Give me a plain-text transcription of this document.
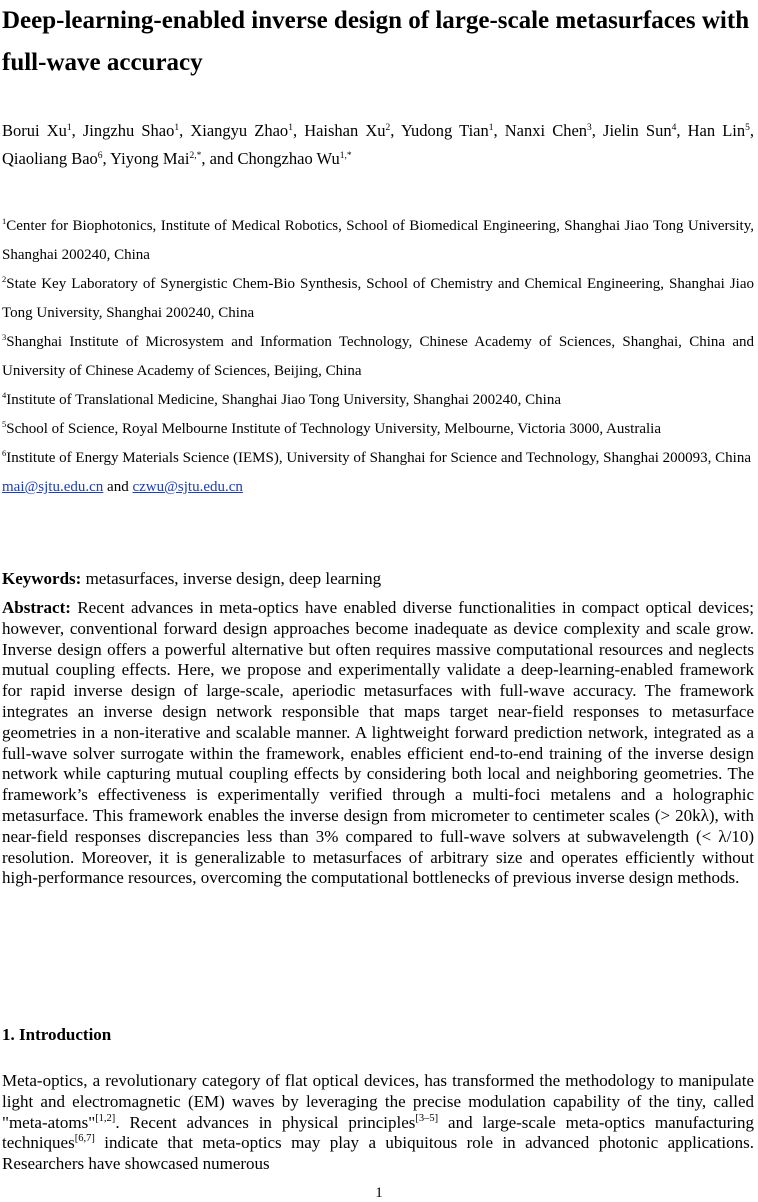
Deep-learning-enabled inverse design of large-scale metasurfaces with full-wave accuracy

Borui Xu$^1$, Jingzhu Shao$^1$, Xiangyu Zhao$^1$, Haishan Xu$^2$, Yudong Tian$^1$, Nanxi Chen$^3$, Jielin Sun$^4$, Han Lin$^5$, Qiaoliang Bao$^6$, Yiyong Mai$^{2,*}$, and Chongzhao $Wu^{1,*}$

$^1$Center for Biophotonics, Institute of Medical Robotics, School of Biomedical Engineering, Shanghai Jiao Tong University, Shanghai 200240, China
$^2$State Key Laboratory of Synergistic Chem-Bio Synthesis, School of Chemistry and Chemical Engineering, Shanghai Jiao Tong University, Shanghai 200240, China
$^3$Shanghai Institute of Microsystem and Information Technology, Chinese Academy of Sciences, Shanghai, China and University of Chinese Academy of Sciences, Beijing, China
$^4$Institute of Translational Medicine, Shanghai Jiao Tong University, Shanghai 200240, China
$^5$School of Science, Royal Melbourne Institute of Technology University, Melbourne, Victoria 3000, Australia
$^6$Institute of Energy Materials Science (IEMS), University of Shanghai for Science and Technology, Shanghai 200093, China
mai@sjtu.edu.cn and czwu@sjtu.edu.cn

Keywords: metasurfaces, inverse design, deep learning

Abstract: Recent advances in meta-optics have enabled diverse functionalities in compact optical devices; however, conventional forward design approaches become inadequate as device complexity and scale grow. Inverse design offers a powerful alternative but often requires massive computational resources and neglects mutual coupling effects. Here, we propose and experimentally validate a deep-learning-enabled framework for rapid inverse design of large-scale, aperiodic metasurfaces with full-wave accuracy. The framework integrates an inverse design network responsible that maps target near-field responses to metasurface geometries in a non-iterative and scalable manner. A lightweight forward prediction network, integrated as a full-wave solver surrogate within the framework, enables efficient end-to-end training of the inverse design network while capturing mutual coupling effects by considering both local and neighboring geometries. The framework’s effectiveness is experimentally verified through a multi-foci metalens and a holographic metasurface. This framework enables the inverse design from micrometer to centimeter scales (> 20kλ), with near-field responses discrepancies less than 3% compared to full-wave solvers at subwavelength (< λ/10) resolution. Moreover, it is generalizable to metasurfaces of arbitrary size and operates efficiently without high-performance resources, overcoming the computational bottlenecks of previous inverse design methods.

1. Introduction

Meta-optics, a revolutionary category of flat optical devices, has transformed the methodology to manipulate light and electromagnetic (EM) waves by leveraging the precise modulation capability of the tiny, called "meta-atoms"[1,2]. Recent advances in physical principles[3–5] and large-scale meta-optics manufacturing techniques[6,7] indicate that meta-optics may play a ubiquitous role in advanced photonic applications. Researchers have showcased numerous

1
